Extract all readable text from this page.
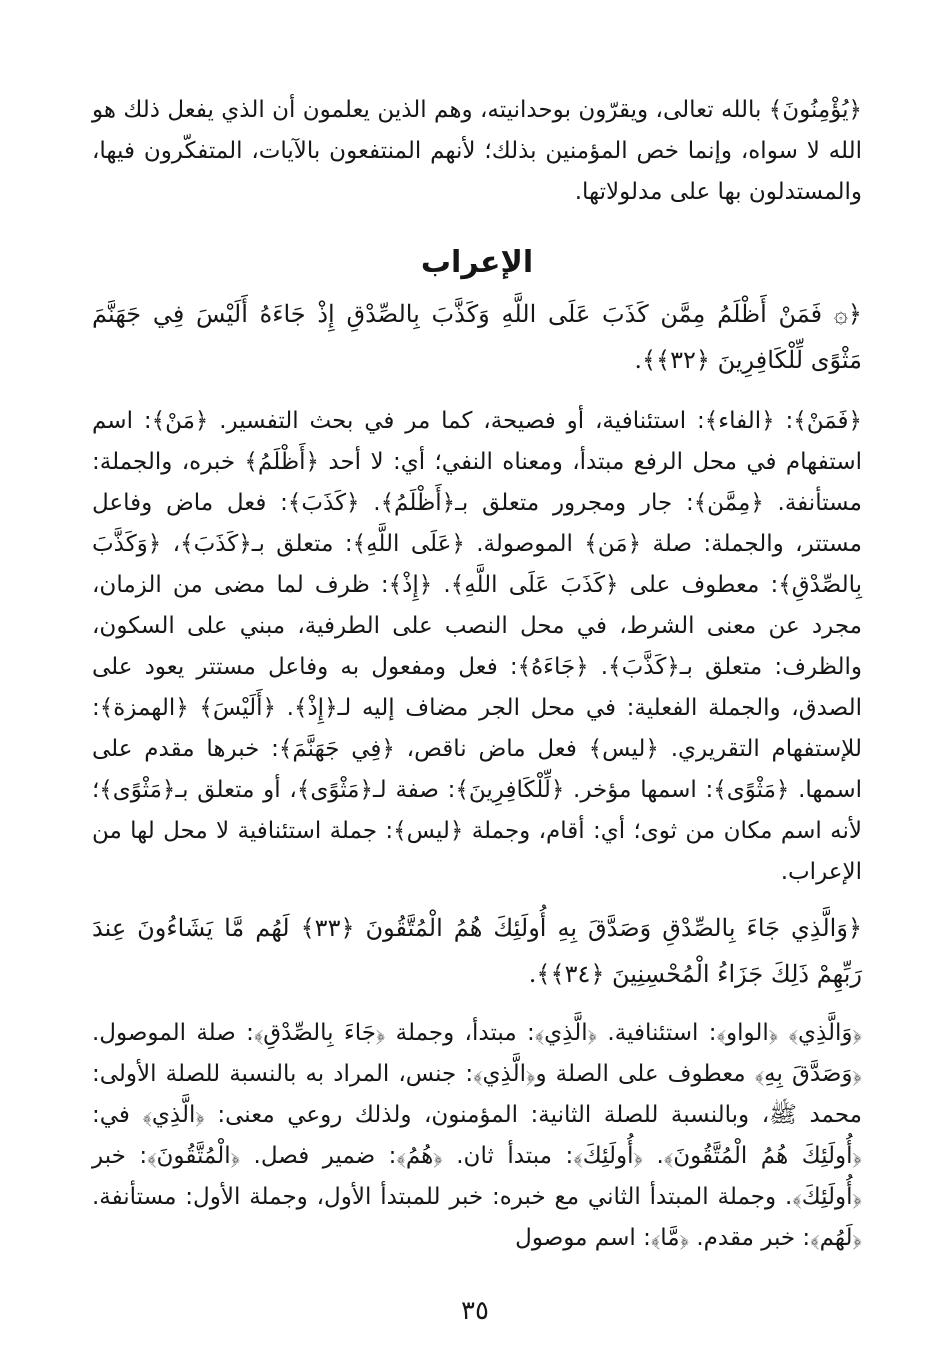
﴿يُؤْمِنُونَ﴾ بالله تعالى، ويقرّون بوحدانيته، وهم الذين يعلمون أن الذي يفعل ذلك هو الله لا سواه، وإنما خص المؤمنين بذلك؛ لأنهم المنتفعون بالآيات، المتفكّرون فيها، والمستدلون بها على مدلولاتها.

الإعراب

﴿۞ فَمَنْ أَظْلَمُ مِمَّن كَذَبَ عَلَى اللَّهِ وَكَذَّبَ بِالصِّدْقِ إِذْ جَاءَهُ أَلَيْسَ فِي جَهَنَّمَ مَثْوًى لِّلْكَافِرِينَ ﴿٣٢﴾﴾.

﴿فَمَنْ﴾: ﴿الفاء﴾: استئنافية، أو فصيحة، كما مر في بحث التفسير. ﴿مَنْ﴾: اسم استفهام في محل الرفع مبتدأ، ومعناه النفي؛ أي: لا أحد ﴿أَظْلَمُ﴾ خبره، والجملة: مستأنفة. ﴿مِمَّن﴾: جار ومجرور متعلق بـ﴿أَظْلَمُ﴾. ﴿كَذَبَ﴾: فعل ماض وفاعل مستتر، والجملة: صلة ﴿مَن﴾ الموصولة. ﴿عَلَى اللَّهِ﴾: متعلق بـ﴿كَذَبَ﴾، ﴿وَكَذَّبَ بِالصِّدْقِ﴾: معطوف على ﴿كَذَبَ عَلَى اللَّهِ﴾. ﴿إِذْ﴾: ظرف لما مضى من الزمان، مجرد عن معنى الشرط، في محل النصب على الطرفية، مبني على السكون، والظرف: متعلق بـ﴿كَذَّبَ﴾. ﴿جَاءَهُ﴾: فعل ومفعول به وفاعل مستتر يعود على الصدق، والجملة الفعلية: في محل الجر مضاف إليه لـ﴿إِذْ﴾. ﴿أَلَيْسَ﴾ ﴿الهمزة﴾: للإستفهام التقريري. ﴿ليس﴾ فعل ماض ناقص، ﴿فِي جَهَنَّمَ﴾: خبرها مقدم على اسمها. ﴿مَثْوًى﴾: اسمها مؤخر. ﴿لِّلْكَافِرِينَ﴾: صفة لـ﴿مَثْوًى﴾، أو متعلق بـ﴿مَثْوًى﴾؛ لأنه اسم مكان من ثوى؛ أي: أقام، وجملة ﴿ليس﴾: جملة استئنافية لا محل لها من الإعراب.

﴿وَالَّذِي جَاءَ بِالصِّدْقِ وَصَدَّقَ بِهِ أُولَئِكَ هُمُ الْمُتَّقُونَ ﴿٣٣﴾ لَهُم مَّا يَشَاءُونَ عِندَ رَبِّهِمْ ذَلِكَ جَزَاءُ الْمُحْسِنِينَ ﴿٣٤﴾﴾.

﴿وَالَّذِي﴾ ﴿الواو﴾: استئنافية. ﴿الَّذِي﴾: مبتدأ، وجملة ﴿جَاءَ بِالصِّدْقِ﴾: صلة الموصول. ﴿وَصَدَّقَ بِهِ﴾ معطوف على الصلة و﴿الَّذِي﴾: جنس، المراد به بالنسبة للصلة الأولى: محمد ﷺ، وبالنسبة للصلة الثانية: المؤمنون، ولذلك روعي معنى: ﴿الَّذِي﴾ في: ﴿أُولَئِكَ هُمُ الْمُتَّقُونَ﴾. ﴿أُولَئِكَ﴾: مبتدأ ثان. ﴿هُمُ﴾: ضمير فصل. ﴿الْمُتَّقُونَ﴾: خبر ﴿أُولَئِكَ﴾. وجملة المبتدأ الثاني مع خبره: خبر للمبتدأ الأول، وجملة الأول: مستأنفة. ﴿لَهُم﴾: خبر مقدم. ﴿مَّا﴾: اسم موصول

٣٥
